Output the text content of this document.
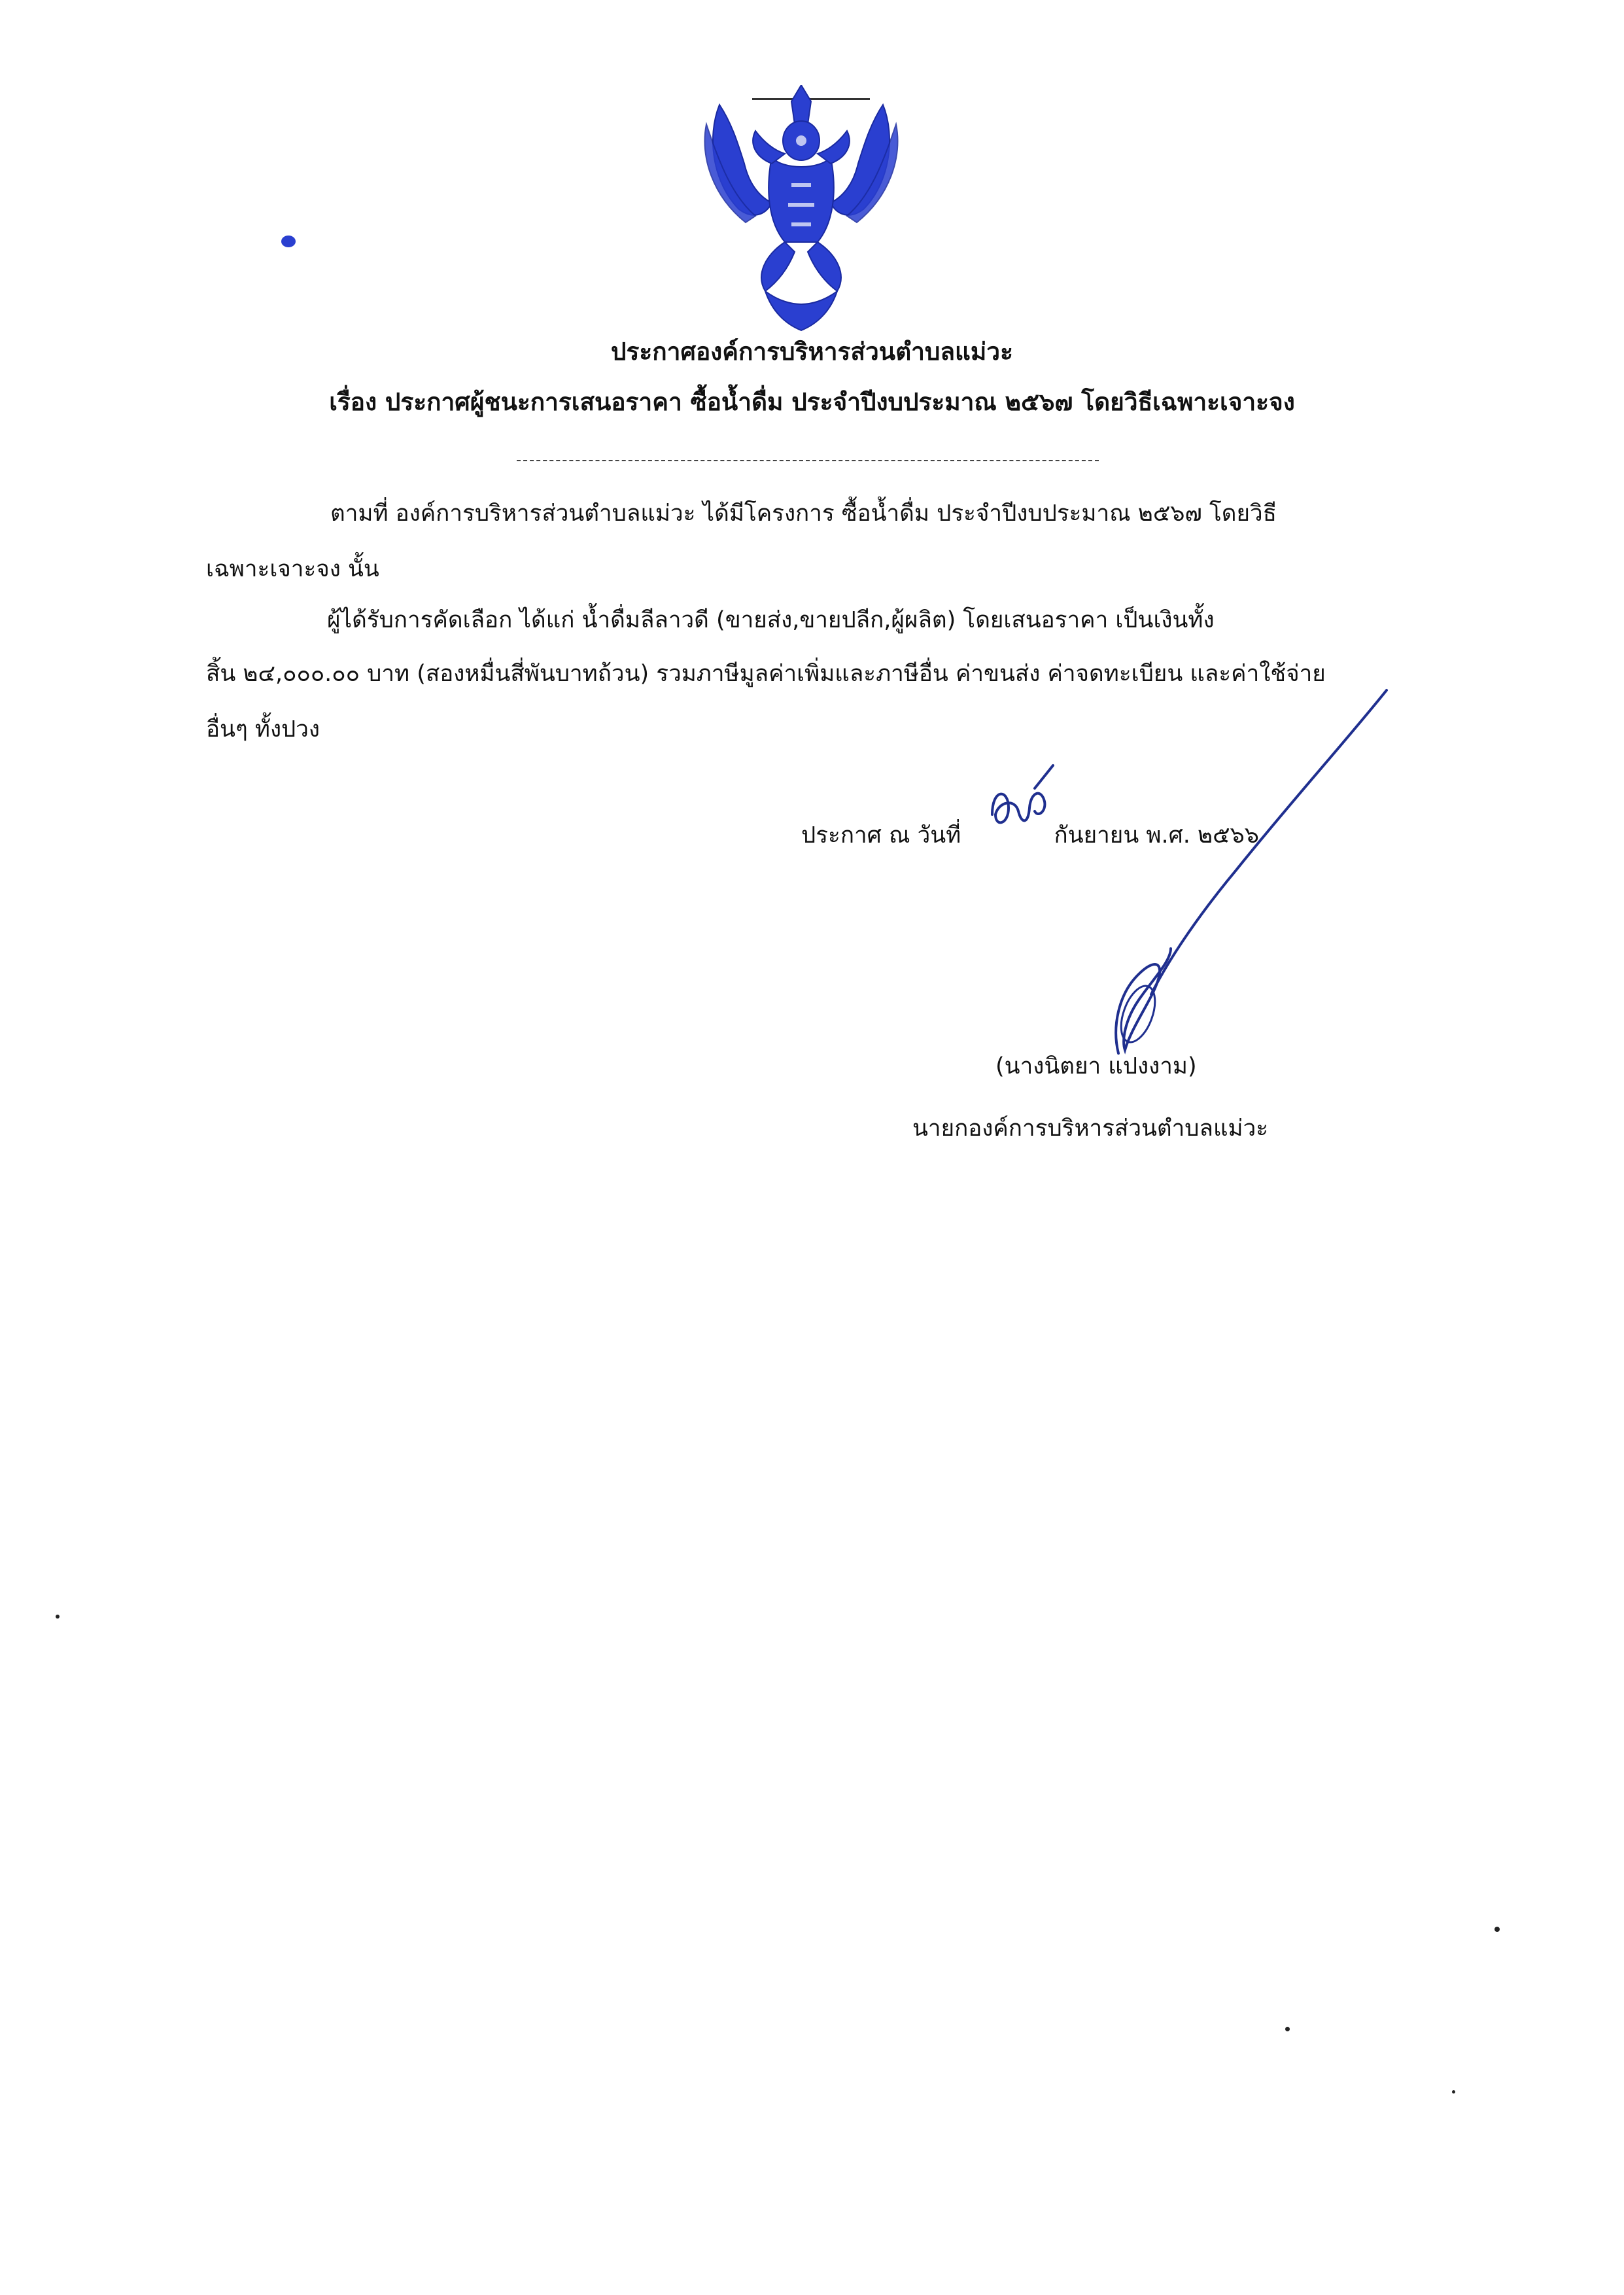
ประกาศองค์การบริหารส่วนตำบลแม่วะ
เรื่อง ประกาศผู้ชนะการเสนอราคา ซื้อน้ำดื่ม ประจำปีงบประมาณ ๒๕๖๗ โดยวิธีเฉพาะเจาะจง
ตามที่ องค์การบริหารส่วนตำบลแม่วะ ได้มีโครงการ ซื้อน้ำดื่ม ประจำปีงบประมาณ ๒๕๖๗ โดยวิธี
เฉพาะเจาะจง นั้น
ผู้ได้รับการคัดเลือก ได้แก่ น้ำดื่มลีลาวดี (ขายส่ง,ขายปลีก,ผู้ผลิต) โดยเสนอราคา เป็นเงินทั้ง
สิ้น ๒๔,๐๐๐.๐๐ บาท (สองหมื่นสี่พันบาทถ้วน) รวมภาษีมูลค่าเพิ่มและภาษีอื่น ค่าขนส่ง ค่าจดทะเบียน และค่าใช้จ่าย
อื่นๆ ทั้งปวง
ประกาศ ณ วันที่	กันยายน พ.ศ. ๒๕๖๖
(นางนิตยา แปงงาม)
นายกองค์การบริหารส่วนตำบลแม่วะ
